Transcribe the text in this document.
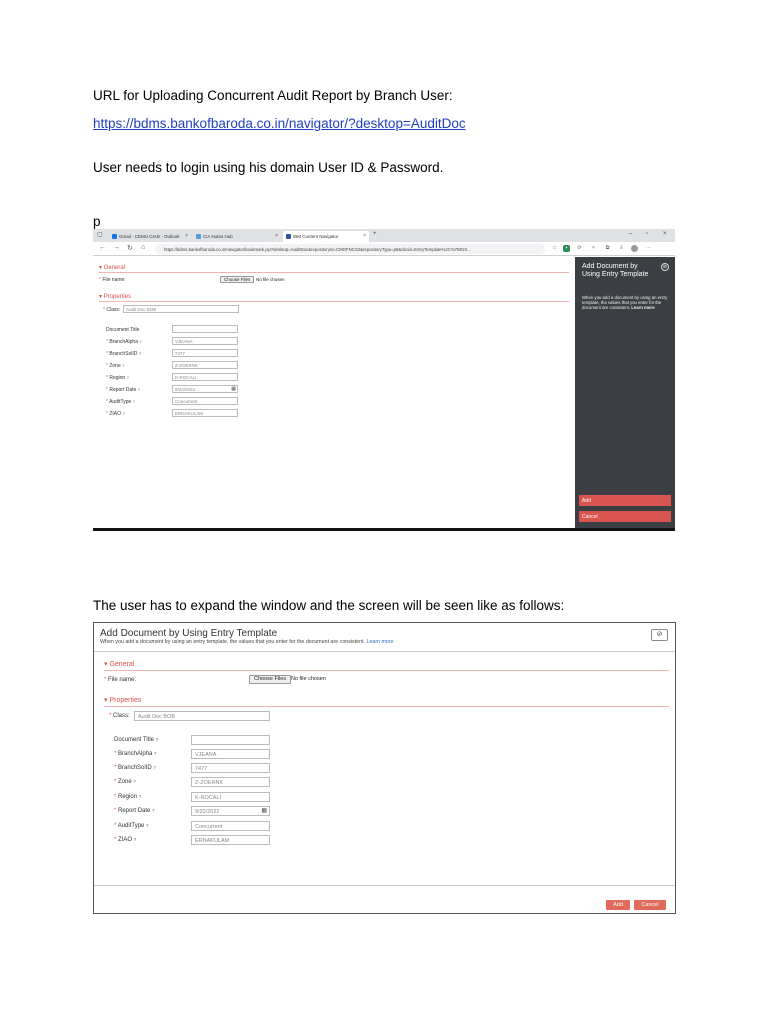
URL for Uploading Concurrent Audit Report by Branch User:
https://bdms.bankofbaroda.co.in/navigator/?desktop=AuditDoc
User needs to login using his domain User ID & Password.
p
▢	Gmail - CEMU CIAD - Outlook ×	CIA Notes Hub	×	IBM Content Navigator	× +	– ▫ ×
← → ↻ ⌂	https://bdms.bankofbaroda.co.in/navigator/bookmark.jsp?desktop=AuditDoc&repositoryId=CMOFNCS2&repositoryType=p8&docid=EntryTemplate%2C%7B022...	☆	▪	⟳ ✧	⧉	⇩	⋯
▾ General
* File name:	Choose Files	No file chosen
▾ Properties
* Class:	Audit Doc BOB
Document Title
* BranchAlpha ?	VJEANA
* BranchSolID ?	7477
* Zone ?	Z-ZOERNK
* Region ?	K-ROCALI
* Report Date ?	9/22/2022	▦
* AuditType ?	Concurrent
* ZIAO ?	ERNAKULAM
Add Document by Using Entry Template
⊘
When you add a document by using an entry template, the values that you enter for the document are consistent. Learn more
Add
Cancel
The user has to expand the window and the screen will be seen like as follows:
Add Document by Using Entry Template
When you add a document by using an entry template, the values that you enter for the document are consistent. Learn more
⊘
▾ General
* File name:	Choose Files No file chosen
▾ Properties
* Class:	Audit Doc BOB
Document Title ?
* BranchAlpha ?	VJEANA
* BranchSolID ?	7477
* Zone ?	Z-ZOERNK
* Region ?	K-ROCALI
* Report Date ?	9/22/2022	▦
* AuditType ?	Concurrent
* ZIAO ?	ERNAKULAM
Add	Cancel
